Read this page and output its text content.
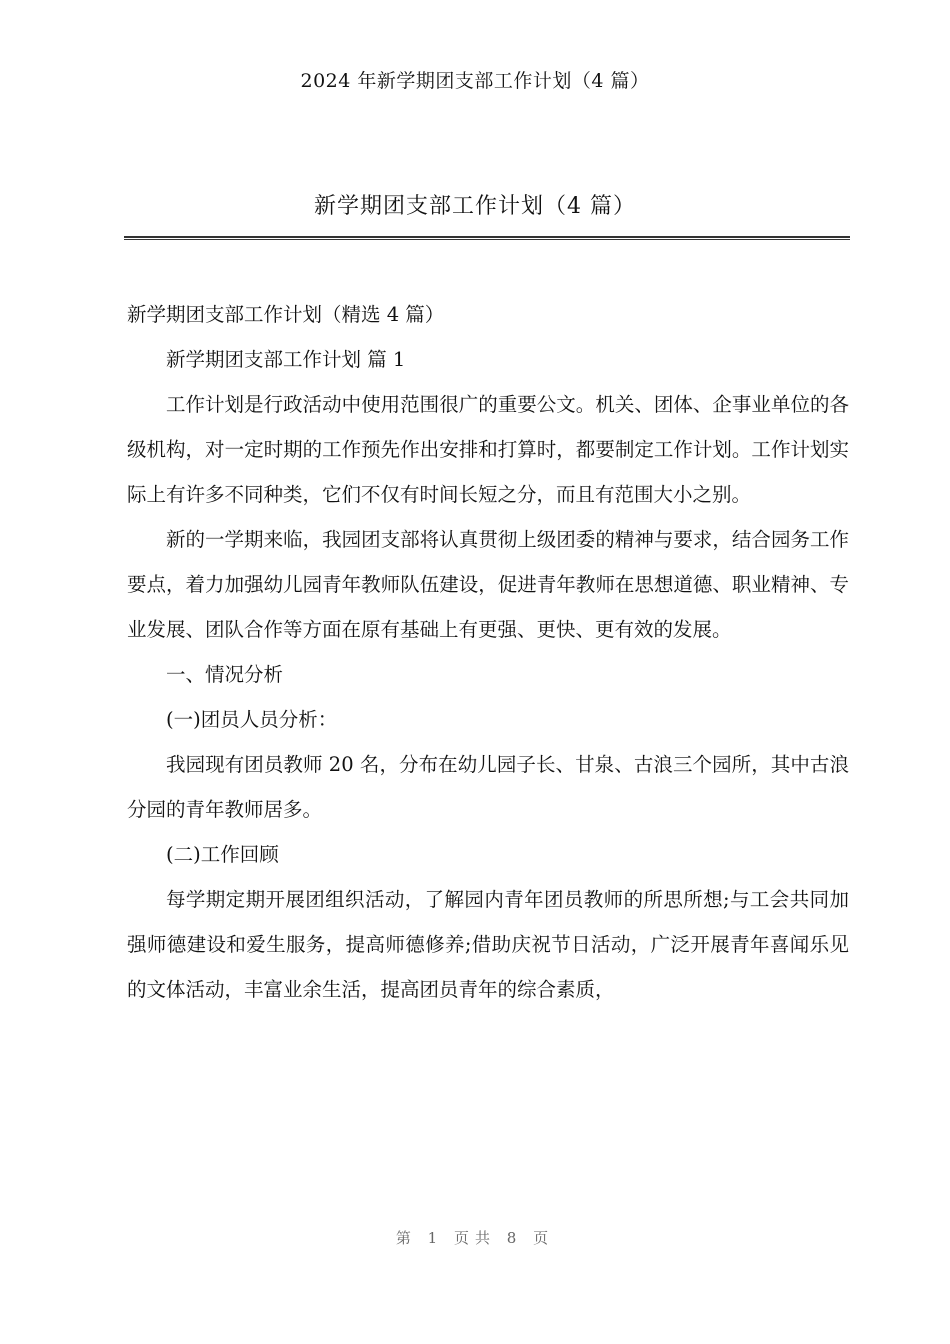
2024 年新学期团支部工作计划（4 篇）
新学期团支部工作计划（4 篇）

新学期团支部工作计划（精选 4 篇）

新学期团支部工作计划 篇 1

工作计划是行政活动中使用范围很广的重要公文。机关、团体、企事业单位的各级机构，对一定时期的工作预先作出安排和打算时，都要制定工作计划。工作计划实际上有许多不同种类，它们不仅有时间长短之分，而且有范围大小之别。

新的一学期来临，我园团支部将认真贯彻上级团委的精神与要求，结合园务工作要点，着力加强幼儿园青年教师队伍建设，促进青年教师在思想道德、职业精神、专业发展、团队合作等方面在原有基础上有更强、更快、更有效的发展。

一、情况分析

(一)团员人员分析：

我园现有团员教师 20 名，分布在幼儿园子长、甘泉、古浪三个园所，其中古浪分园的青年教师居多。

(二)工作回顾

每学期定期开展团组织活动，了解园内青年团员教师的所思所想;与工会共同加强师德建设和爱生服务，提高师德修养;借助庆祝节日活动，广泛开展青年喜闻乐见的文体活动，丰富业余生活，提高团员青年的综合素质，

第 1 页共 8 页
